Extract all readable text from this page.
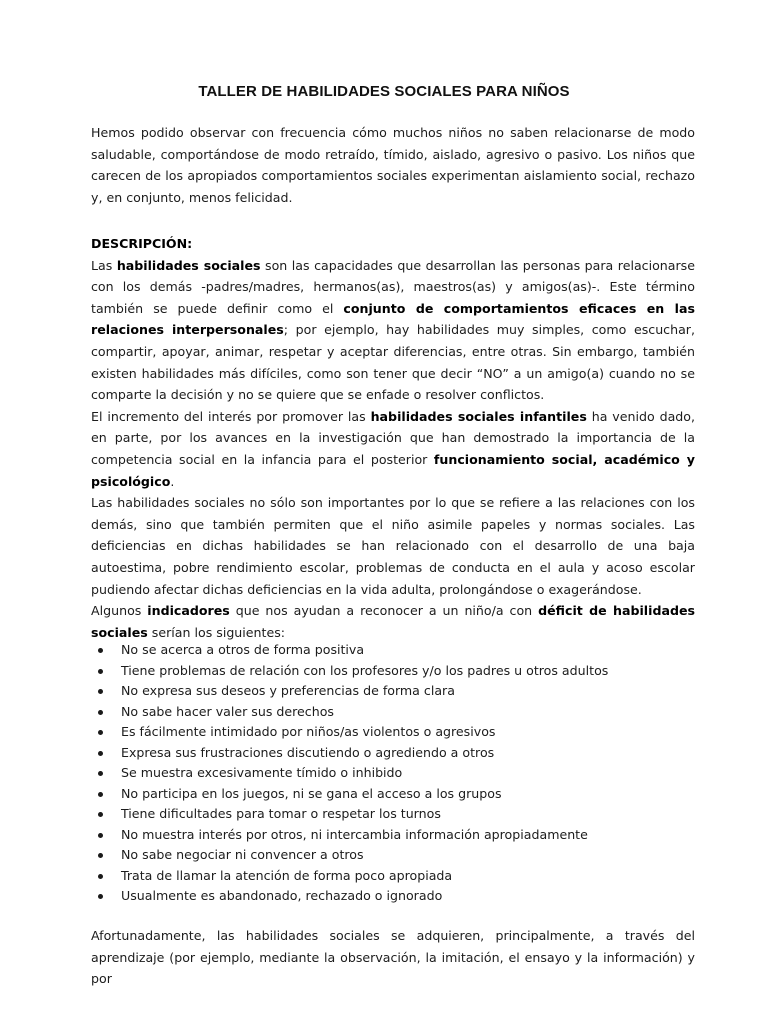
TALLER DE HABILIDADES SOCIALES PARA NIÑOS

Hemos podido observar con frecuencia cómo muchos niños no saben relacionarse de modo saludable, comportándose de modo retraído, tímido, aislado, agresivo o pasivo. Los niños que carecen de los apropiados comportamientos sociales experimentan aislamiento social, rechazo y, en conjunto, menos felicidad.

DESCRIPCIÓN:

Las habilidades sociales son las capacidades que desarrollan las personas para relacionarse con los demás -padres/madres, hermanos(as), maestros(as) y amigos(as)-. Este término también se puede definir como el conjunto de comportamientos eficaces en las relaciones interpersonales; por ejemplo, hay habilidades muy simples, como escuchar, compartir, apoyar, animar, respetar y aceptar diferencias, entre otras. Sin embargo, también existen habilidades más difíciles, como son tener que decir “NO” a un amigo(a) cuando no se comparte la decisión y no se quiere que se enfade o resolver conflictos.

El incremento del interés por promover las habilidades sociales infantiles ha venido dado, en parte, por los avances en la investigación que han demostrado la importancia de la competencia social en la infancia para el posterior funcionamiento social, académico y psicológico.

Las habilidades sociales no sólo son importantes por lo que se refiere a las relaciones con los demás, sino que también permiten que el niño asimile papeles y normas sociales. Las deficiencias en dichas habilidades se han relacionado con el desarrollo de una baja autoestima, pobre rendimiento escolar, problemas de conducta en el aula y acoso escolar pudiendo afectar dichas deficiencias en la vida adulta, prolongándose o exagerándose.

Algunos indicadores que nos ayudan a reconocer a un niño/a con déficit de habilidades sociales serían los siguientes:

No se acerca a otros de forma positiva
Tiene problemas de relación con los profesores y/o los padres u otros adultos
No expresa sus deseos y preferencias de forma clara
No sabe hacer valer sus derechos
Es fácilmente intimidado por niños/as violentos o agresivos
Expresa sus frustraciones discutiendo o agrediendo a otros
Se muestra excesivamente tímido o inhibido
No participa en los juegos, ni se gana el acceso a los grupos
Tiene dificultades para tomar o respetar los turnos
No muestra interés por otros, ni intercambia información apropiadamente
No sabe negociar ni convencer a otros
Trata de llamar la atención de forma poco apropiada
Usualmente es abandonado, rechazado o ignorado

Afortunadamente, las habilidades sociales se adquieren, principalmente, a través del aprendizaje (por ejemplo, mediante la observación, la imitación, el ensayo y la información) y por
